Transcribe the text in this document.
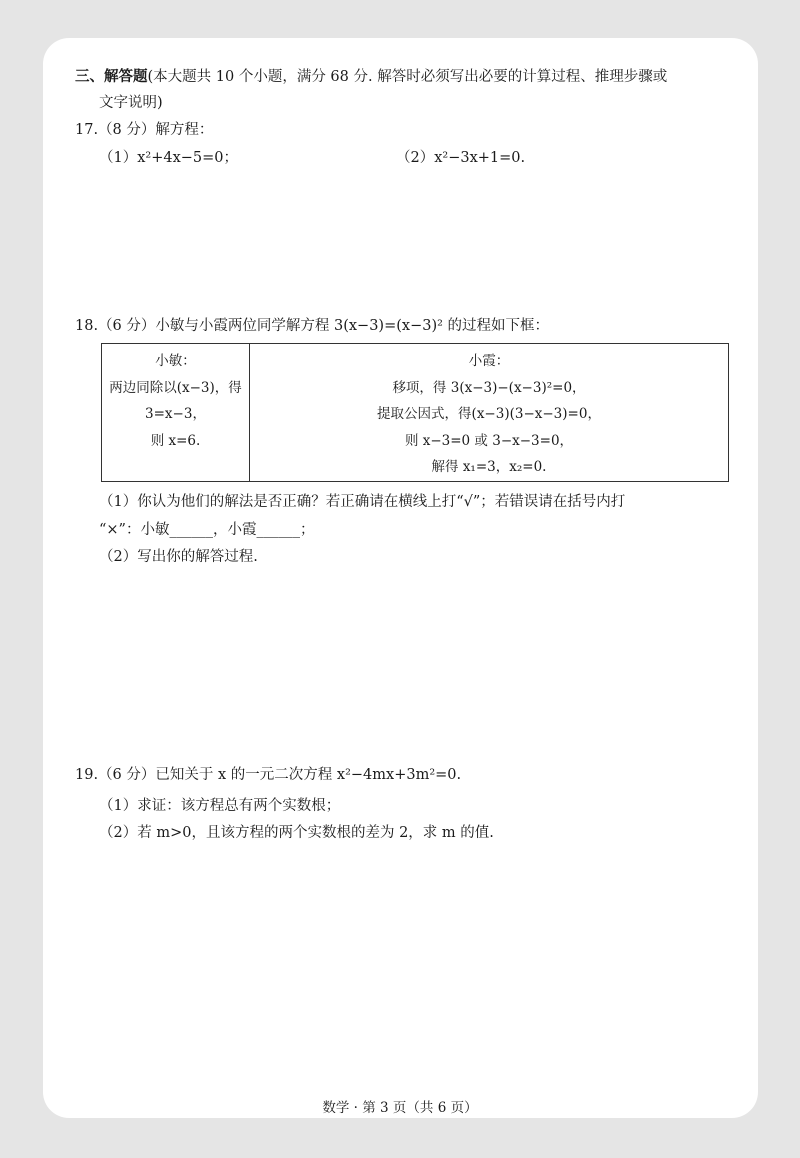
三、解答题(本大题共 10 个小题，满分 68 分. 解答时必须写出必要的计算过程、推理步骤或
文字说明)
17.（8 分）解方程：
（1）x²+4x−5=0；	（2）x²−3x+1=0.
18.（6 分）小敏与小霞两位同学解方程 3(x−3)=(x−3)² 的过程如下框：
小敏：
两边同除以(x−3)，得
3=x−3，
则 x=6.

小霞：
移项，得 3(x−3)−(x−3)²=0，
提取公因式，得(x−3)(3−x−3)=0，
则 x−3=0 或 3−x−3=0，
解得 x₁=3，x₂=0.
（1）你认为他们的解法是否正确？若正确请在横线上打“√”；若错误请在括号内打
“×”：小敏______，小霞______；
（2）写出你的解答过程.
19.（6 分）已知关于 x 的一元二次方程 x²−4mx+3m²=0.
（1）求证：该方程总有两个实数根；
（2）若 m>0，且该方程的两个实数根的差为 2，求 m 的值.
数学 · 第 3 页（共 6 页）
